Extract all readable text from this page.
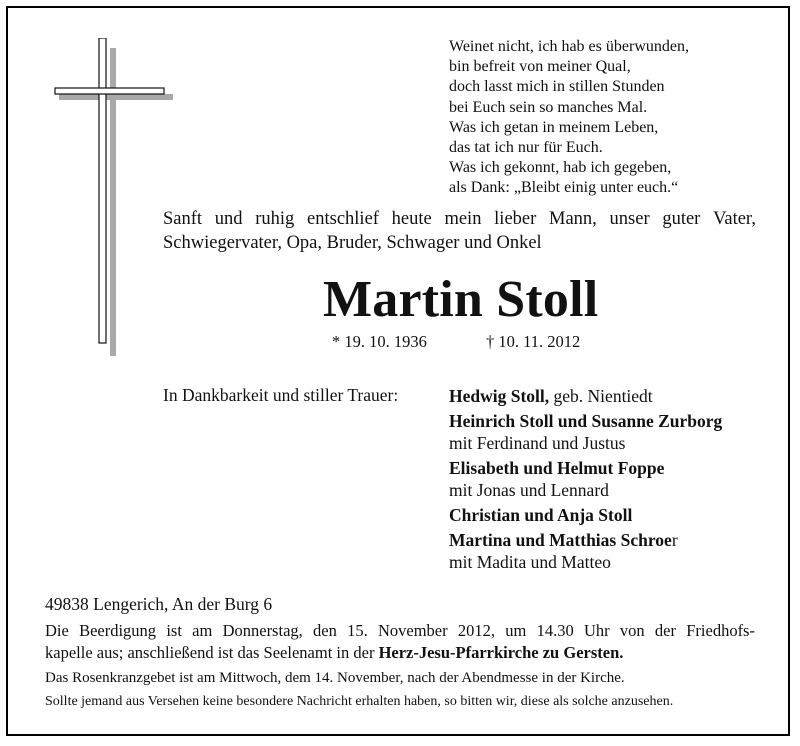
Weinet nicht, ich hab es überwunden,
bin befreit von meiner Qual,
doch lasst mich in stillen Stunden
bei Euch sein so manches Mal.
Was ich getan in meinem Leben,
das tat ich nur für Euch.
Was ich gekonnt, hab ich gegeben,
als Dank: „Bleibt einig unter euch.“
Sanft und ruhig entschlief heute mein lieber Mann, unser guter Vater,
Schwiegervater, Opa, Bruder, Schwager und Onkel
Martin Stoll
* 19. 10. 1936	† 10. 11. 2012
In Dankbarkeit und stiller Trauer:	Hedwig Stoll, geb. Nientiedt
Heinrich Stoll und Susanne Zurborg
mit Ferdinand und Justus
Elisabeth und Helmut Foppe
mit Jonas und Lennard
Christian und Anja Stoll
Martina und Matthias Schroer
mit Madita und Matteo
49838 Lengerich, An der Burg 6
Die Beerdigung ist am Donnerstag, den 15. November 2012, um 14.30 Uhr von der Friedhofs-
kapelle aus; anschließend ist das Seelenamt in der Herz-Jesu-Pfarrkirche zu Gersten.
Das Rosenkranzgebet ist am Mittwoch, dem 14. November, nach der Abendmesse in der Kirche.
Sollte jemand aus Versehen keine besondere Nachricht erhalten haben, so bitten wir, diese als solche anzusehen.
